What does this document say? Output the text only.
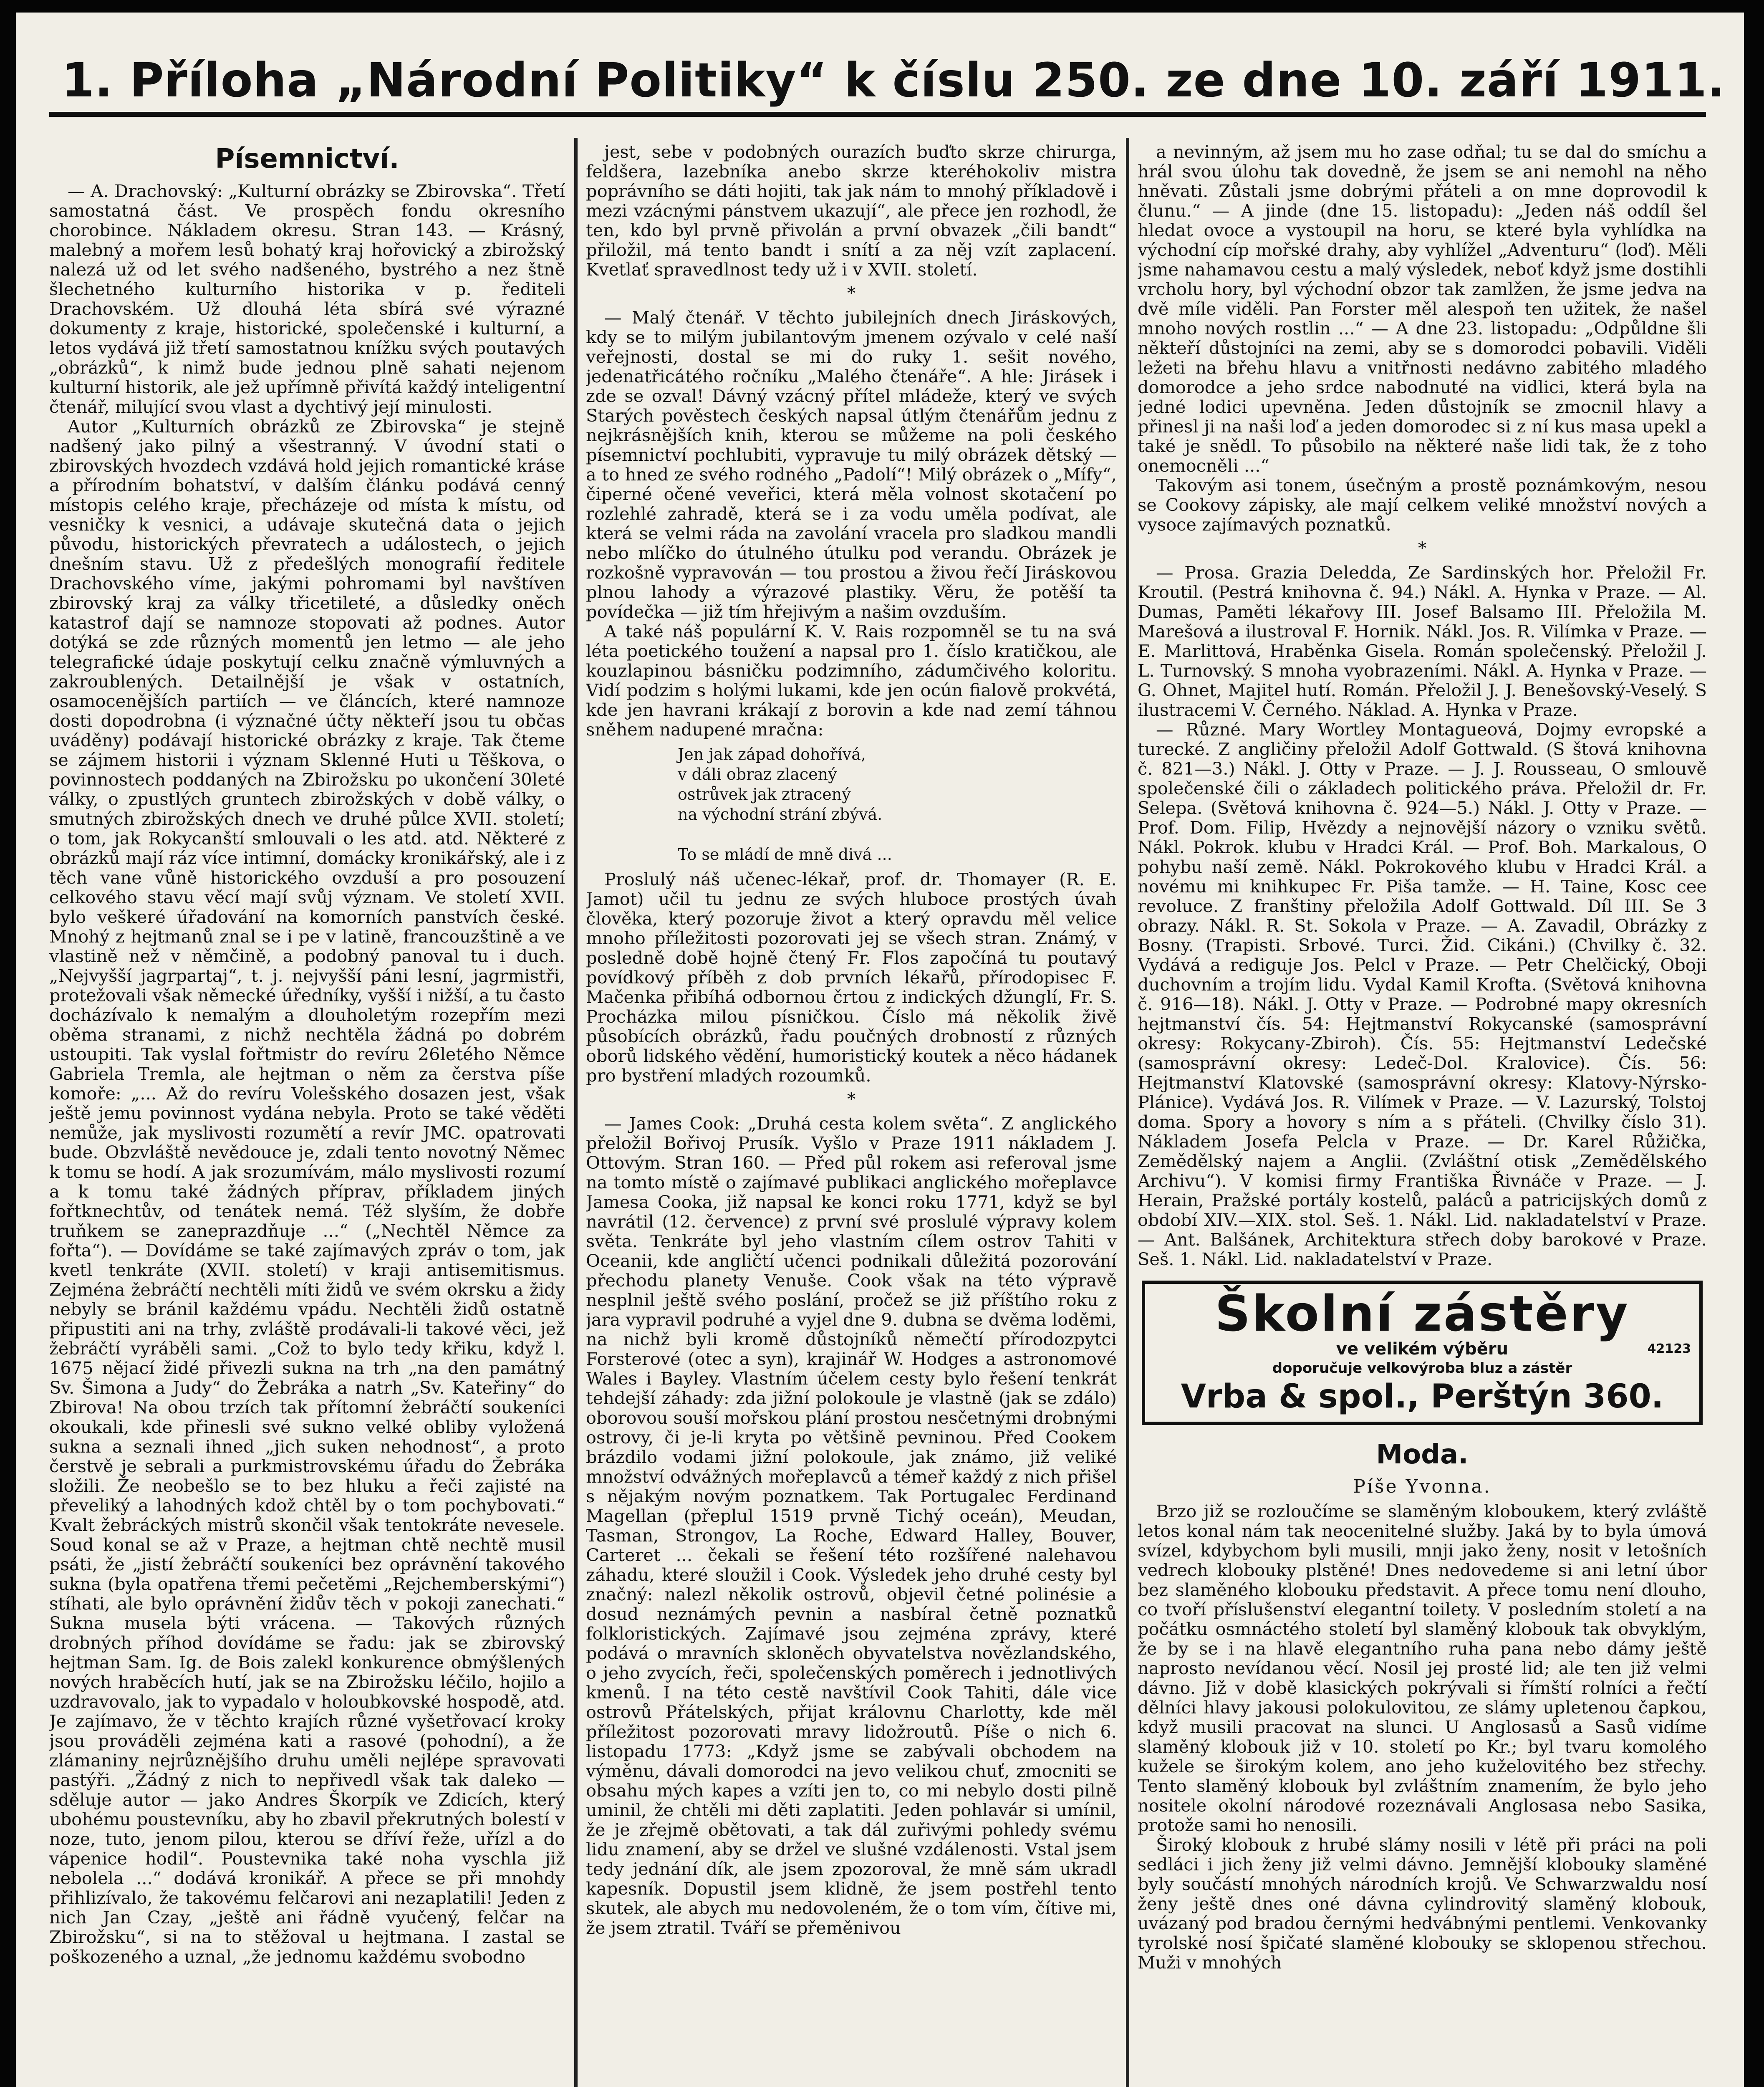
1. Příloha „Národní Politiky“ k číslu 250. ze dne 10. září 1911.
Písemnictví.

— A. Drachovský: „Kulturní obrázky se Zbirovska“. Třetí samostatná část. Ve prospěch fondu okresního chorobince. Nákladem okresu. Stran 143. — Krásný, malebný a mořem lesů bohatý kraj hořovický a zbirožský nalezá už od let svého nadšeného, bystrého a nez štně šlechetného kulturního historika v p. řediteli Drachovském. Už dlouhá léta sbírá své výrazné dokumenty z kraje, historické, společenské i kulturní, a letos vydává již třetí samostatnou knížku svých poutavých „obrázků“, k nimž bude jednou plně sahati nejenom kulturní historik, ale jež upřímně přivítá každý inteligentní čtenář, milující svou vlast a dychtivý její minulosti.

Autor „Kulturních obrázků ze Zbirovska“ je stejně nadšený jako pilný a všestranný. V úvodní stati o zbirovských hvozdech vzdává hold jejich romantické kráse a přírodním bohatství, v dalším článku podává cenný místopis celého kraje, přecházeje od místa k místu, od vesničky k vesnici, a udávaje skutečná data o jejich původu, historických převratech a událostech, o jejich dnešním stavu. Už z předešlých monografií ředitele Drachovského víme, jakými pohromami byl navštíven zbirovský kraj za války třicetileté, a důsledky oněch katastrof dají se namnoze stopovati až podnes. Autor dotýká se zde různých momentů jen letmo — ale jeho telegrafické údaje poskytují celku značně výmluvných a zakroublených. Detailnější je však v ostatních, osamocenějších partiích — ve článcích, které namnoze dosti dopodrobna (i význačné účty někteří jsou tu občas uváděny) podávají historické obrázky z kraje. Tak čteme se zájmem historii i význam Sklenné Huti u Těškova, o povinnostech poddaných na Zbirožsku po ukončení 30leté války, o zpustlých gruntech zbirožských v době války, o smutných zbirožských dnech ve druhé půlce XVII. století; o tom, jak Rokycanští smlouvali o les atd. atd. Některé z obrázků mají ráz více intimní, domácky kronikářský, ale i z těch vane vůně historického ovzduší a pro posouzení celkového stavu věcí mají svůj význam. Ve století XVII. bylo veškeré úřadování na komorních panstvích české. Mnohý z hejtmanů znal se i pe v latině, francouzštině a ve vlastině než v němčině, a podobný panoval tu i duch. „Nejvyšší jagrpartaj“, t. j. nejvyšší páni lesní, jagrmistři, protežovali však německé úředníky, vyšší i nižší, a tu často docházívalo k nemalým a dlouholetým rozepřím mezi oběma stranami, z nichž nechtěla žádná po dobrém ustoupiti. Tak vyslal fořtmistr do revíru 26letého Němce Gabriela Tremla, ale hejtman o něm za čerstva píše komoře: „... Až do revíru Volešského dosazen jest, však ještě jemu povinnost vydána nebyla. Proto se také věděti nemůže, jak myslivosti rozumětí a revír JMC. opatrovati bude. Obzvláště nevědouce je, zdali tento novotný Němec k tomu se hodí. A jak srozumívám, málo myslivosti rozumí a k tomu také žádných příprav, příkladem jiných fořtknechtův, od tenátek nemá. Též slyším, že dobře truňkem se zaneprazdňuje ...“ („Nechtěl Němce za fořta“). — Dovídáme se také zajímavých zpráv o tom, jak kvetl tenkráte (XVII. století) v kraji antisemitismus. Zejména žebráčtí nechtěli míti židů ve svém okrsku a židy nebyly se bránil každému vpádu. Nechtěli židů ostatně připustiti ani na trhy, zvláště prodávali-li takové věci, jež žebráčtí vyráběli sami. „Což to bylo tedy křiku, když l. 1675 nějací židé přivezli sukna na trh „na den památný Sv. Šimona a Judy“ do Žebráka a natrh „Sv. Kateřiny“ do Zbirova! Na obou trzích tak přítomní žebráčtí soukeníci okoukali, kde přinesli své sukno velké obliby vyložená sukna a seznali ihned „jich suken nehodnost“, a proto čerstvě je sebrali a purkmistrovskému úřadu do Žebráka složili. Že neobešlo se to bez hluku a řeči zajisté na převeliký a lahodných kdož chtěl by o tom pochybovati.“ Kvalt žebráckých mistrů skončil však tentokráte nevesele. Soud konal se až v Praze, a hejtman chtě nechtě musil psáti, že „jistí žebráčtí soukeníci bez oprávnění takového sukna (byla opatřena třemi pečetěmi „Rejchemberskými“) stíhati, ale bylo oprávnění židův těch v pokoji zanechati.“ Sukna musela býti vrácena. — Takových různých drobných příhod dovídáme se řadu: jak se zbirovský hejtman Sam. Ig. de Bois zalekl konkurence obmýšlených nových hraběcích hutí, jak se na Zbirožsku léčilo, hojilo a uzdravovalo, jak to vypadalo v holoubkovské hospodě, atd. Je zajímavo, že v těchto krajích různé vyšetřovací kroky jsou prováděli zejména kati a rasové (pohodní), a že zlámaniny nejrůznějšího druhu uměli nejlépe spravovati pastýři. „Žádný z nich to nepřivedl však tak daleko — sděluje autor — jako Andres Škorpík ve Zdicích, který ubohému poustevníku, aby ho zbavil překrutných bolestí v noze, tuto, jenom pilou, kterou se dříví řeže, uřízl a do vápenice hodil“. Poustevnika také noha vyschla již nebolela ...“ dodává kronikář. A přece se při mnohdy přihlizívalo, že takovému felčarovi ani nezaplatili! Jeden z nich Jan Czay, „ještě ani řádně vyučený, felčar na Zbirožsku“, si na to stěžoval u hejtmana. I zastal se poškozeného a uznal, „že jednomu každému svobodno

jest, sebe v podobných ourazích buďto skrze chirurga, feldšera, lazebníka anebo skrze kteréhokoliv mistra poprávního se dáti hojiti, tak jak nám to mnohý příkladově i mezi vzácnými pánstvem ukazují“, ale přece jen rozhodl, že ten, kdo byl prvně přivolán a první obvazek „čili bandt“ přiložil, má tento bandt i snítí a za něj vzít zaplacení. Kvetlať spravedlnost tedy už i v XVII. století.

*

— Malý čtenář. V těchto jubilejních dnech Jiráskových, kdy se to milým jubilantovým jmenem ozývalo v celé naší veřejnosti, dostal se mi do ruky 1. sešit nového, jedenatřicátého ročníku „Malého čtenáře“. A hle: Jirásek i zde se ozval! Dávný vzácný přítel mládeže, který ve svých Starých pověstech českých napsal útlým čtenářům jednu z nejkrásnějších knih, kterou se můžeme na poli českého písemnictví pochlubiti, vypravuje tu milý obrázek dětský — a to hned ze svého rodného „Padolí“! Milý obrázek o „Mífy“, čiperné očené veveřici, která měla volnost skotačení po rozlehlé zahradě, která se i za vodu uměla podívat, ale která se velmi ráda na zavolání vracela pro sladkou mandli nebo mlíčko do útulného útulku pod verandu. Obrázek je rozkošně vypravován — tou prostou a živou řečí Jiráskovou plnou lahody a výrazové plastiky. Věru, že potěší ta povídečka — již tím hřejivým a našim ovzduším.

A také náš populární K. V. Rais rozpomněl se tu na svá léta poetického toužení a napsal pro 1. číslo kratičkou, ale kouzlapinou básničku podzimního, zádumčivého koloritu. Vidí podzim s holými lukami, kde jen ocún fialově prokvétá, kde jen havrani krákají z borovin a kde nad zemí táhnou sněhem nadupené mračna:

Jen jak západ dohořívá,
v dáli obraz zlacený
ostrůvek jak ztracený
na východní strání zbývá.

To se mládí de mně divá ...

Proslulý náš učenec-lékař, prof. dr. Thomayer (R. E. Jamot) učil tu jednu ze svých hluboce prostých úvah člověka, který pozoruje život a který opravdu měl velice mnoho příležitosti pozorovati jej se všech stran. Známý, v posledně době hojně čtený Fr. Flos započíná tu poutavý povídkový příběh z dob prvních lékařů, přírodopisec F. Mačenka přibíhá odbornou črtou z indických džunglí, Fr. S. Procházka milou písničkou. Číslo má několik živě působících obrázků, řadu poučných drobností z různých oborů lidského vědění, humoristický koutek a něco hádanek pro bystření mladých rozoumků.

*

— James Cook: „Druhá cesta kolem světa“. Z anglického přeložil Bořivoj Prusík. Vyšlo v Praze 1911 nákladem J. Ottovým. Stran 160. — Před půl rokem asi referoval jsme na tomto místě o zajímavé publikaci anglického mořeplavce Jamesa Cooka, již napsal ke konci roku 1771, když se byl navrátil (12. července) z první své proslulé výpravy kolem světa. Tenkráte byl jeho vlastním cílem ostrov Tahiti v Oceanii, kde angličtí učenci podnikali důležitá pozorování přechodu planety Venuše. Cook však na této výpravě nesplnil ještě svého poslání, pročež se již příštího roku z jara vypravil podruhé a vyjel dne 9. dubna se dvěma loděmi, na nichž byli kromě důstojníků němečtí přírodozpytci Forsterové (otec a syn), krajinář W. Hodges a astronomové Wales i Bayley. Vlastním účelem cesty bylo řešení tenkrát tehdejší záhady: zda jižní polokoule je vlastně (jak se zdálo) oborovou souší mořskou plání prostou nesčetnými drobnými ostrovy, či je-li kryta po většině pevninou. Před Cookem brázdilo vodami jižní polokoule, jak známo, již veliké množství odvážných mořeplavců a témeř každý z nich přišel s nějakým novým poznatkem. Tak Portugalec Ferdinand Magellan (přeplul 1519 prvně Tichý oceán), Meudan, Tasman, Strongov, La Roche, Edward Halley, Bouver, Carteret ... čekali se řešení této rozšířené nalehavou záhadu, které sloužil i Cook. Výsledek jeho druhé cesty byl značný: nalezl několik ostrovů, objevil četné polinésie a dosud neznámých pevnin a nasbíral četně poznatků folkloristických. Zajímavé jsou zejména zprávy, které podává o mravních skloněch obyvatelstva novězlandského, o jeho zvycích, řeči, společenských poměrech i jednotlivých kmenů. I na této cestě navštívil Cook Tahiti, dále vice ostrovů Přátelských, přijat královnu Charlotty, kde měl příležitost pozorovati mravy lidožroutů. Píše o nich 6. listopadu 1773: „Když jsme se zabývali obchodem na výměnu, dávali domorodci na jevo velikou chuť, zmocniti se obsahu mých kapes a vzíti jen to, co mi nebylo dosti pilně uminil, že chtěli mi děti zaplatiti. Jeden pohlavár si umínil, že je zřejmě obětovati, a tak dál zuřivými pohledy svému lidu znamení, aby se držel ve slušné vzdálenosti. Vstal jsem tedy jednání dík, ale jsem zpozoroval, že mně sám ukradl kapesník. Dopustil jsem klidně, že jsem postřehl tento skutek, ale abych mu nedovoleném, že o tom vím, čítive mi, že jsem ztratil. Tváří se přeměnivou

a nevinným, až jsem mu ho zase odňal; tu se dal do smíchu a hrál svou úlohu tak dovedně, že jsem se ani nemohl na něho hněvati. Zůstali jsme dobrými přáteli a on mne doprovodil k člunu.“ — A jinde (dne 15. listopadu): „Jeden náš oddíl šel hledat ovoce a vystoupil na horu, se které byla vyhlídka na východní cíp mořské drahy, aby vyhlížel „Adventuru“ (loď). Měli jsme nahamavou cestu a malý výsledek, neboť když jsme dostihli vrcholu hory, byl východní obzor tak zamlžen, že jsme jedva na dvě míle viděli. Pan Forster měl alespoň ten užitek, že našel mnoho nových rostlin ...“ — A dne 23. listopadu: „Odpůldne šli někteří důstojníci na zemi, aby se s domorodci pobavili. Viděli ležeti na břehu hlavu a vnitřnosti nedávno zabitého mladého domorodce a jeho srdce nabodnuté na vidlici, která byla na jedné lodici upevněna. Jeden důstojník se zmocnil hlavy a přinesl ji na naši loď a jeden domorodec si z ní kus masa upekl a také je snědl. To působilo na některé naše lidi tak, že z toho onemocněli ...“

Takovým asi tonem, úsečným a prostě poznámkovým, nesou se Cookovy zápisky, ale mají celkem veliké množství nových a vysoce zajímavých poznatků.

*

— Prosa. Grazia Deledda, Ze Sardinských hor. Přeložil Fr. Kroutil. (Pestrá knihovna č. 94.) Nákl. A. Hynka v Praze. — Al. Dumas, Paměti lékařovy III. Josef Balsamo III. Přeložila M. Marešová a ilustroval F. Hornik. Nákl. Jos. R. Vilímka v Praze. — E. Marlittová, Hraběnka Gisela. Román společenský. Přeložil J. L. Turnovský. S mnoha vyobrazeními. Nákl. A. Hynka v Praze. — G. Ohnet, Majitel hutí. Román. Přeložil J. J. Benešovský-Veselý. S ilustracemi V. Černého. Náklad. A. Hynka v Praze.

— Různé. Mary Wortley Montagueová, Dojmy evropské a turecké. Z angličiny přeložil Adolf Gottwald. (S štová knihovna č. 821—3.) Nákl. J. Otty v Praze. — J. J. Rousseau, O smlouvě společenské čili o základech politického práva. Přeložil dr. Fr. Selepa. (Světová knihovna č. 924—5.) Nákl. J. Otty v Praze. — Prof. Dom. Filip, Hvězdy a nejnovější názory o vzniku světů. Nákl. Pokrok. klubu v Hradci Král. — Prof. Boh. Markalous, O pohybu naší země. Nákl. Pokrokového klubu v Hradci Král. a novému mi knihkupec Fr. Piša tamže. — H. Taine, Kosc cee revoluce. Z franštiny přeložila Adolf Gottwald. Díl III. Se 3 obrazy. Nákl. R. St. Sokola v Praze. — A. Zavadil, Obrázky z Bosny. (Trapisti. Srbové. Turci. Žid. Cikáni.) (Chvilky č. 32. Vydává a rediguje Jos. Pelcl v Praze. — Petr Chelčický, Oboji duchovním a trojím lidu. Vydal Kamil Krofta. (Světová knihovna č. 916—18). Nákl. J. Otty v Praze. — Podrobné mapy okresních hejtmanství čís. 54: Hejtmanství Rokycanské (samosprávní okresy: Rokycany-Zbiroh). Čís. 55: Hejtmanství Ledečské (samosprávní okresy: Ledeč-Dol. Kralovice). Čís. 56: Hejtmanství Klatovské (samosprávní okresy: Klatovy-Nýrsko-Plánice). Vydává Jos. R. Vilímek v Praze. — V. Lazurský, Tolstoj doma. Spory a hovory s ním a s přáteli. (Chvilky číslo 31). Nákladem Josefa Pelcla v Praze. — Dr. Karel Růžička, Zemědělský najem a Anglii. (Zvláštní otisk „Zemědělského Archivu“). V komisi firmy Františka Řivnáče v Praze. — J. Herain, Pražské portály kostelů, paláců a patricijských domů z období XIV.—XIX. stol. Seš. 1. Nákl. Lid. nakladatelství v Praze. — Ant. Balšánek, Architektura střech doby barokové v Praze. Seš. 1. Nákl. Lid. nakladatelství v Praze.

Školní zástěry
ve velikém výběru	42123
doporučuje velkovýroba bluz a zástěr
Vrba & spol., Perštýn 360.
Moda.
Píše Yvonna.

Brzo již se rozloučíme se slaměným kloboukem, který zvláště letos konal nám tak neocenitelné služby. Jaká by to byla úmová svízel, kdybychom byli musili, mnji jako ženy, nosit v letošních vedrech klobouky plstěné! Dnes nedovedeme si ani letní úbor bez slaměného klobouku představit. A přece tomu není dlouho, co tvoří příslušenství elegantní toilety. V posledním století a na počátku osmnáctého století byl slaměný klobouk tak obvyklým, že by se i na hlavě elegantního ruha pana nebo dámy ještě naprosto nevídanou věcí. Nosil jej prosté lid; ale ten již velmi dávno. Již v době klasických pokrývali si římští rolníci a řečtí dělníci hlavy jakousi polokulovitou, ze slámy upletenou čapkou, když musili pracovat na slunci. U Anglosasů a Sasů vidíme slaměný klobouk již v 10. století po Kr.; byl tvaru komolého kužele se širokým kolem, ano jeho kuželovitého bez střechy. Tento slaměný klobouk byl zvláštním znamením, že bylo jeho nositele okolní národové rozeznávali Anglosasa nebo Sasika, protože sami ho nenosili.

Široký klobouk z hrubé slámy nosili v létě při práci na poli sedláci i jich ženy již velmi dávno. Jemnější klobouky slaměné byly součástí mnohých národních krojů. Ve Schwarzwaldu nosí ženy ještě dnes oné dávna cylindrovitý slaměný klobouk, uvázaný pod bradou černými hedvábnými pentlemi. Venkovanky tyrolské nosí špičaté slaměné klobouky se sklopenou střechou. Muži v mnohých
